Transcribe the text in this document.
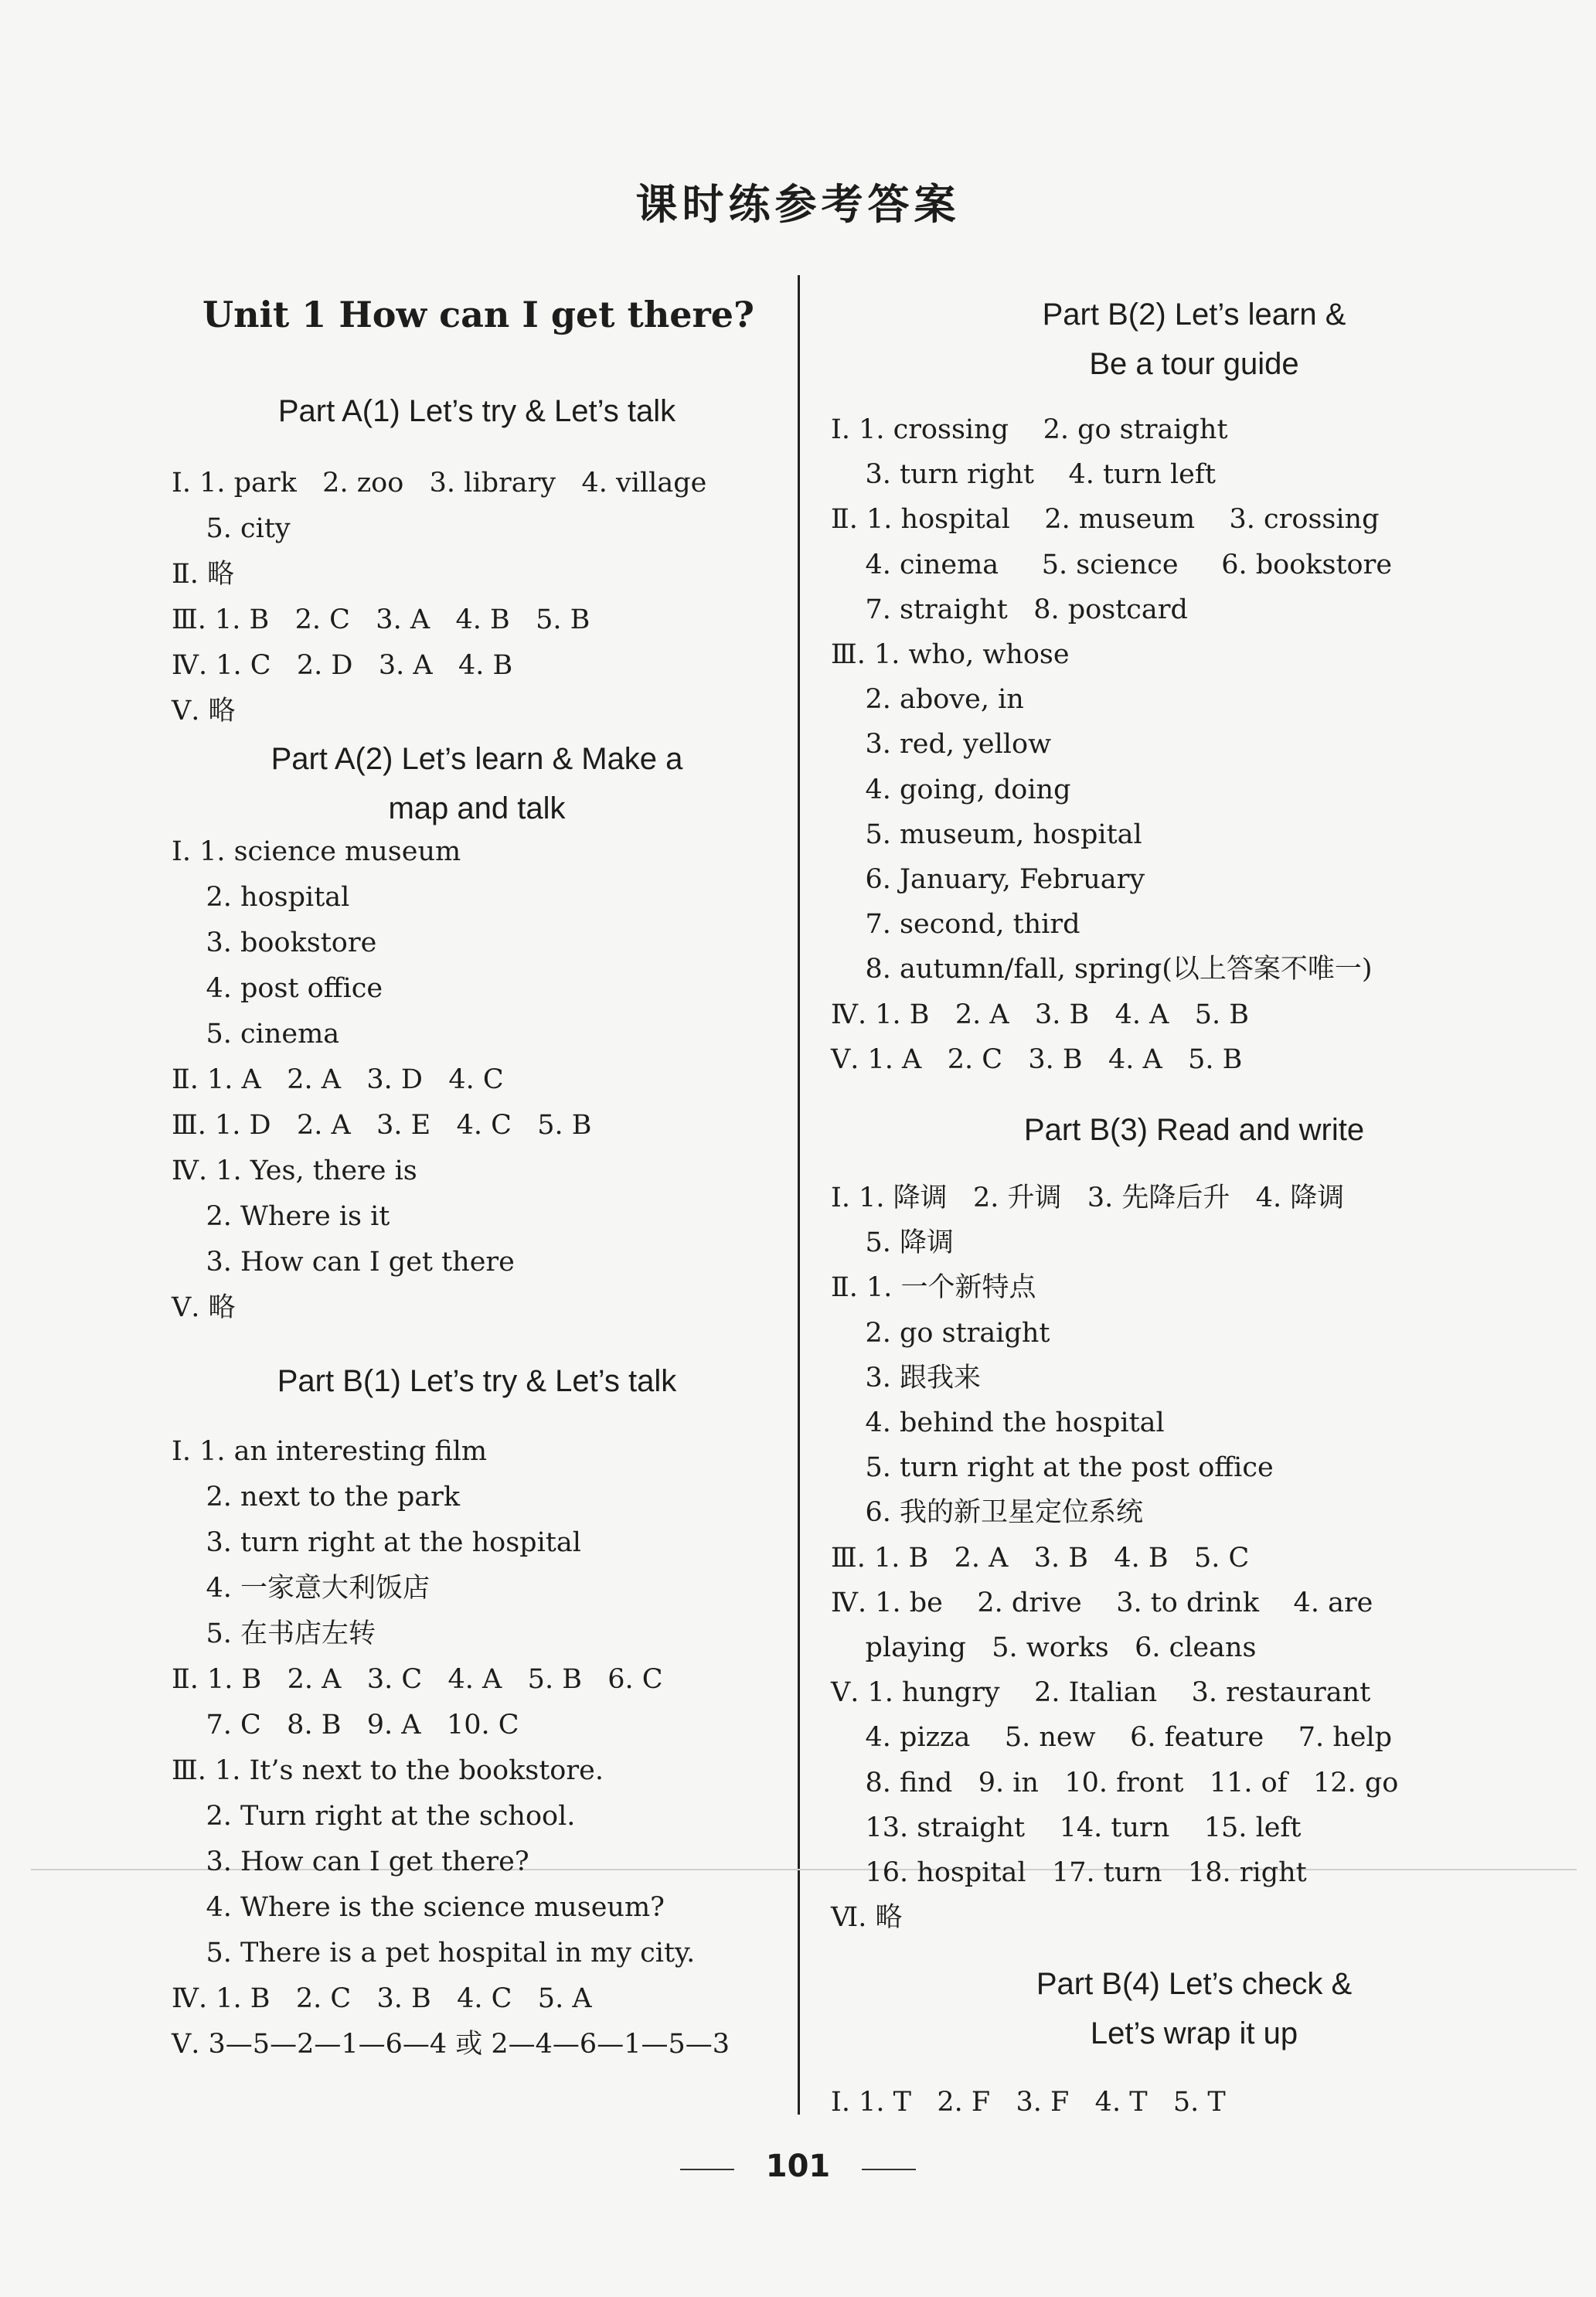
课时练参考答案
Unit 1 How can I get there?
Part A(1) Let’s try & Let’s talk
Ⅰ. 1. park   2. zoo   3. library   4. village
5. city
Ⅱ. 略
Ⅲ. 1. B   2. C   3. A   4. B   5. B
Ⅳ. 1. C   2. D   3. A   4. B
Ⅴ. 略
Part A(2) Let’s learn & Make a
map and talk
Ⅰ. 1. science museum
2. hospital
3. bookstore
4. post office
5. cinema
Ⅱ. 1. A   2. A   3. D   4. C
Ⅲ. 1. D   2. A   3. E   4. C   5. B
Ⅳ. 1. Yes, there is
2. Where is it
3. How can I get there
Ⅴ. 略
Part B(1) Let’s try & Let’s talk
Ⅰ. 1. an interesting film
2. next to the park
3. turn right at the hospital
4. 一家意大利饭店
5. 在书店左转
Ⅱ. 1. B   2. A   3. C   4. A   5. B   6. C
7. C   8. B   9. A   10. C
Ⅲ. 1. It’s next to the bookstore.
2. Turn right at the school.
3. How can I get there?
4. Where is the science museum?
5. There is a pet hospital in my city.
Ⅳ. 1. B   2. C   3. B   4. C   5. A
Ⅴ. 3—5—2—1—6—4 或 2—4—6—1—5—3
Part B(2) Let’s learn &
Be a tour guide
Ⅰ. 1. crossing    2. go straight
3. turn right    4. turn left
Ⅱ. 1. hospital    2. museum    3. crossing
4. cinema     5. science     6. bookstore
7. straight   8. postcard
Ⅲ. 1. who, whose
2. above, in
3. red, yellow
4. going, doing
5. museum, hospital
6. January, February
7. second, third
8. autumn/fall, spring(以上答案不唯一)
Ⅳ. 1. B   2. A   3. B   4. A   5. B
Ⅴ. 1. A   2. C   3. B   4. A   5. B
Part B(3) Read and write
Ⅰ. 1. 降调   2. 升调   3. 先降后升   4. 降调
5. 降调
Ⅱ. 1. 一个新特点
2. go straight
3. 跟我来
4. behind the hospital
5. turn right at the post office
6. 我的新卫星定位系统
Ⅲ. 1. B   2. A   3. B   4. B   5. C
Ⅳ. 1. be    2. drive    3. to drink    4. are
playing   5. works   6. cleans
Ⅴ. 1. hungry    2. Italian    3. restaurant
4. pizza    5. new    6. feature    7. help
8. find   9. in   10. front   11. of   12. go
13. straight    14. turn    15. left
16. hospital   17. turn   18. right
Ⅵ. 略
Part B(4) Let’s check &
Let’s wrap it up
Ⅰ. 1. T   2. F   3. F   4. T   5. T
101
